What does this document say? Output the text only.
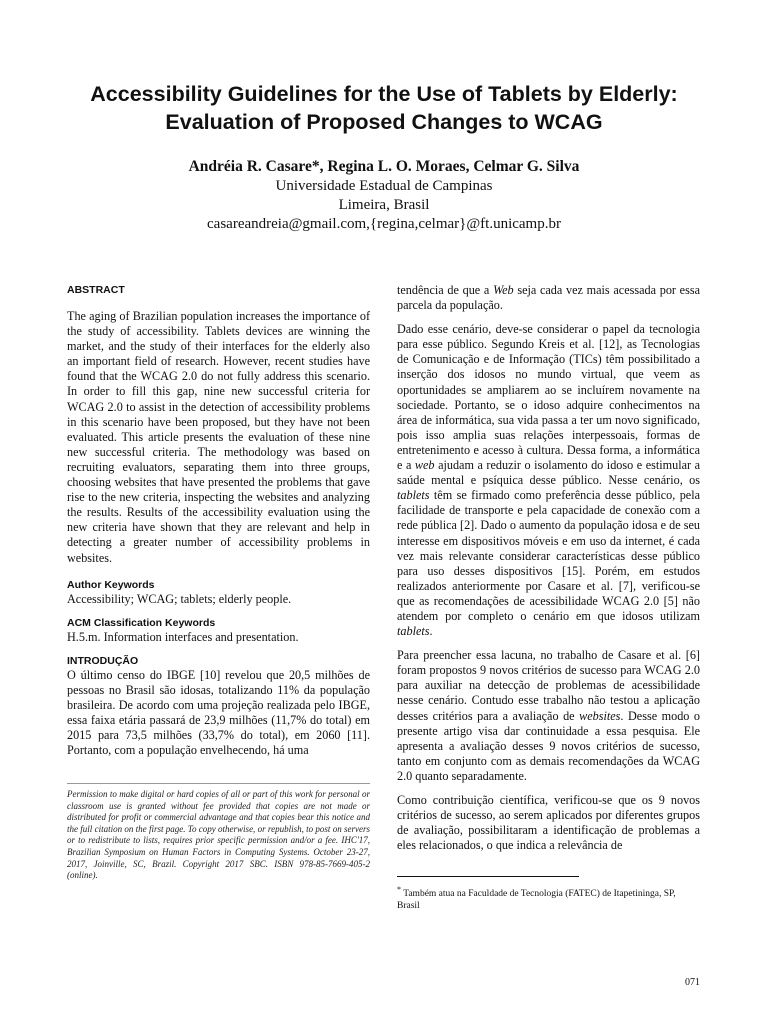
Accessibility Guidelines for the Use of Tablets by Elderly:
Evaluation of Proposed Changes to WCAG
Andréia R. Casare*, Regina L. O. Moraes, Celmar G. Silva
Universidade Estadual de Campinas
Limeira, Brasil
casareandreia@gmail.com,{regina,celmar}@ft.unicamp.br
ABSTRACT

The aging of Brazilian population increases the importance of the study of accessibility. Tablets devices are winning the market, and the study of their interfaces for the elderly also an important field of research. However, recent studies have found that the WCAG 2.0 do not fully address this scenario. In order to fill this gap, nine new successful criteria for WCAG 2.0 to assist in the detection of accessibility problems in this scenario have been proposed, but they have not been evaluated. This article presents the evaluation of these nine new successful criteria. The methodology was based on recruiting evaluators, separating them into three groups, choosing websites that have presented the problems that gave rise to the new criteria, inspecting the websites and analyzing the results. Results of the accessibility evaluation using the new criteria have shown that they are relevant and help in detecting a greater number of accessibility problems in websites.

Author Keywords

Accessibility; WCAG; tablets; elderly people.

ACM Classification Keywords

H.5.m. Information interfaces and presentation.

INTRODUÇÃO

O último censo do IBGE [10] revelou que 20,5 milhões de pessoas no Brasil são idosas, totalizando 11% da população brasileira. De acordo com uma projeção realizada pelo IBGE, essa faixa etária passará de 23,9 milhões (11,7% do total) em 2015 para 73,5 milhões (33,7% do total), em 2060 [11]. Portanto, com a população envelhecendo, há uma

Permission to make digital or hard copies of all or part of this work for personal or classroom use is granted without fee provided that copies are not made or distributed for profit or commercial advantage and that copies bear this notice and the full citation on the first page. To copy otherwise, or republish, to post on servers or to redistribute to lists, requires prior specific permission and/or a fee. IHC'17, Brazilian Symposium on Human Factors in Computing Systems. October 23-27, 2017, Joinville, SC, Brazil. Copyright 2017 SBC. ISBN 978-85-7669-405-2 (online).

tendência de que a Web seja cada vez mais acessada por essa parcela da população.

Dado esse cenário, deve-se considerar o papel da tecnologia para esse público. Segundo Kreis et al. [12], as Tecnologias de Comunicação e de Informação (TICs) têm possibilitado a inserção dos idosos no mundo virtual, que veem as oportunidades se ampliarem ao se incluírem novamente na sociedade. Portanto, se o idoso adquire conhecimentos na área de informática, sua vida passa a ter um novo significado, pois isso amplia suas relações interpessoais, formas de entretenimento e acesso à cultura. Dessa forma, a informática e a web ajudam a reduzir o isolamento do idoso e estimular a saúde mental e psíquica desse público. Nesse cenário, os tablets têm se firmado como preferência desse público, pela facilidade de transporte e pela capacidade de conexão com a rede pública [2]. Dado o aumento da população idosa e de seu interesse em dispositivos móveis e em uso da internet, é cada vez mais relevante considerar características desse público para uso desses dispositivos [15]. Porém, em estudos realizados anteriormente por Casare et al. [7], verificou-se que as recomendações de acessibilidade WCAG 2.0 [5] não atendem por completo o cenário em que idosos utilizam tablets.

Para preencher essa lacuna, no trabalho de Casare et al. [6] foram propostos 9 novos critérios de sucesso para WCAG 2.0 para auxiliar na detecção de problemas de acessibilidade nesse cenário. Contudo esse trabalho não testou a aplicação desses critérios para a avaliação de websites. Desse modo o presente artigo visa dar continuidade a essa pesquisa. Ele apresenta a avaliação desses 9 novos critérios de sucesso, tanto em conjunto com as demais recomendações da WCAG 2.0 quanto separadamente.

Como contribuição científica, verificou-se que os 9 novos critérios de sucesso, ao serem aplicados por diferentes grupos de avaliação, possibilitaram a identificação de problemas a eles relacionados, o que indica a relevância de

* Também atua na Faculdade de Tecnologia (FATEC) de Itapetininga, SP, Brasil
071
